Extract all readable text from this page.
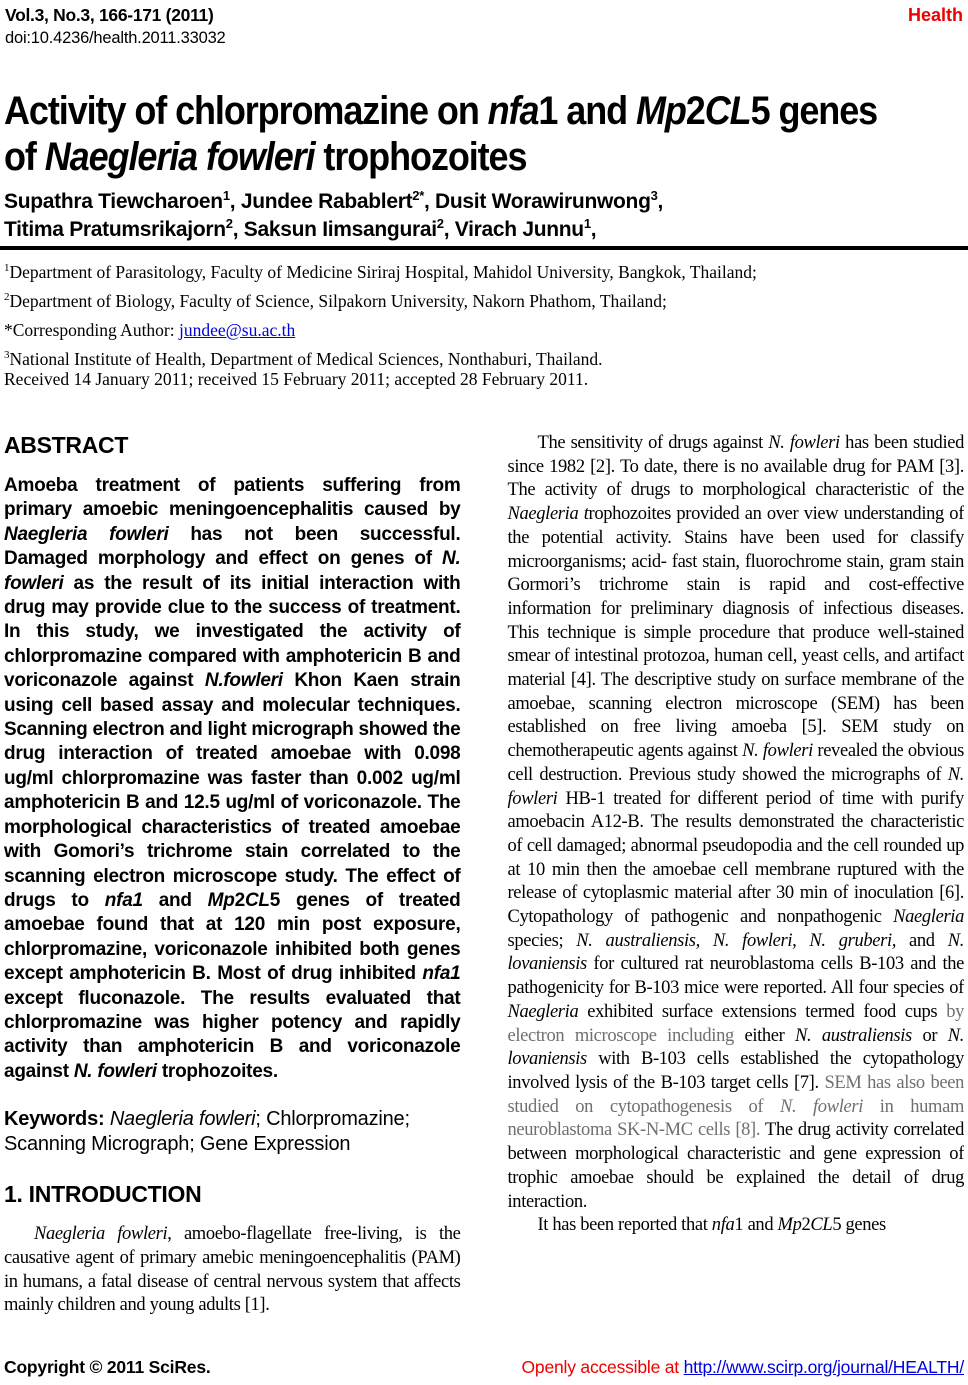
Vol.3, No.3, 166-171 (2011)
doi:10.4236/health.2011.33032
Health
Activity of chlorpromazine on nfa1 and Mp2CL5 genes
of Naegleria fowleri trophozoites
Supathra Tiewcharoen$^1$, Jundee Rabablert$^{2*}$, Dusit Worawirunwong$^3$,
Titima Pratumsrikajorn$^2$, Saksun Iimsangurai$^2$, Virach Junnu$^1$,
$^1$Department of Parasitology, Faculty of Medicine Siriraj Hospital, Mahidol University, Bangkok, Thailand;
$^2$Department of Biology, Faculty of Science, Silpakorn University, Nakorn Phathom, Thailand;
*Corresponding Author: jundee@su.ac.th
$^3$National Institute of Health, Department of Medical Sciences, Nonthaburi, Thailand.
Received 14 January 2011; received 15 February 2011; accepted 28 February 2011.
ABSTRACT

Amoeba treatment of patients suffering from primary amoebic meningoencephalitis caused by Naegleria fowleri has not been successful. Damaged morphology and effect on genes of N. fowleri as the result of its initial interaction with drug may provide clue to the success of treatment. In this study, we investigated the activity of chlorpromazine compared with amphotericin B and voriconazole against N.fowleri Khon Kaen strain using cell based assay and molecular techniques. Scanning electron and light micrograph showed the drug interaction of treated amoebae with 0.098 ug/ml chlorpromazine was faster than 0.002 ug/ml amphotericin B and 12.5 ug/ml of voriconazole. The morphological characteristics of treated amoebae with Gomori’s trichrome stain correlated to the scanning electron microscope study. The effect of drugs to nfa1 and Mp2CL5 genes of treated amoebae found that at 120 min post exposure, chlorpromazine, voriconazole inhibited both genes except amphotericin B. Most of drug inhibited nfa1 except fluconazole. The results evaluated that chlorpromazine was higher potency and rapidly activity than amphotericin B and voriconazole against N. fowleri trophozoites.

Keywords: Naegleria fowleri; Chlorpromazine; Scanning Micrograph; Gene Expression

1. INTRODUCTION

Naegleria fowleri, amoebo-flagellate free-living, is the causative agent of primary amebic meningoencephalitis (PAM) in humans, a fatal disease of central nervous system that affects mainly children and young adults [1].

The sensitivity of drugs against N. fowleri has been studied since 1982 [2]. To date, there is no available drug for PAM [3]. The activity of drugs to morphological characteristic of the Naegleria trophozoites provided an over view understanding of the potential activity. Stains have been used for classify microorganisms; acid- fast stain, fluorochrome stain, gram stain Gormori’s trichrome stain is rapid and cost-effective information for preliminary diagnosis of infectious diseases. This technique is simple procedure that produce well-stained smear of intestinal protozoa, human cell, yeast cells, and artifact material [4]. The descriptive study on surface membrane of the amoebae, scanning electron microscope (SEM) has been established on free living amoeba [5]. SEM study on chemotherapeutic agents against N. fowleri revealed the obvious cell destruction. Previous study showed the micrographs of N. fowleri HB-1 treated for different period of time with purify amoebacin A12-B. The results demonstrated the characteristic of cell damaged; abnormal pseudopodia and the cell rounded up at 10 min then the amoebae cell membrane ruptured with the release of cytoplasmic material after 30 min of inoculation [6]. Cytopathology of pathogenic and nonpathogenic Naegleria species; N. australiensis, N. fowleri, N. gruberi, and N. lovaniensis for cultured rat neuroblastoma cells B-103 and the pathogenicity for B-103 mice were reported. All four species of Naegleria exhibited surface extensions termed food cups by electron microscope including either N. australiensis or N. lovaniensis with B-103 cells established the cytopathology involved lysis of the B-103 target cells [7]. SEM has also been studied on cytopathogenesis of N. fowleri in humam neuroblastoma SK-N-MC cells [8]. The drug activity correlated between morphological characteristic and gene expression of trophic amoebae should be explained the detail of drug interaction.

It has been reported that nfa1 and Mp2CL5 genes

Copyright © 2011 SciRes.	Openly accessible at http://www.scirp.org/journal/HEALTH/
